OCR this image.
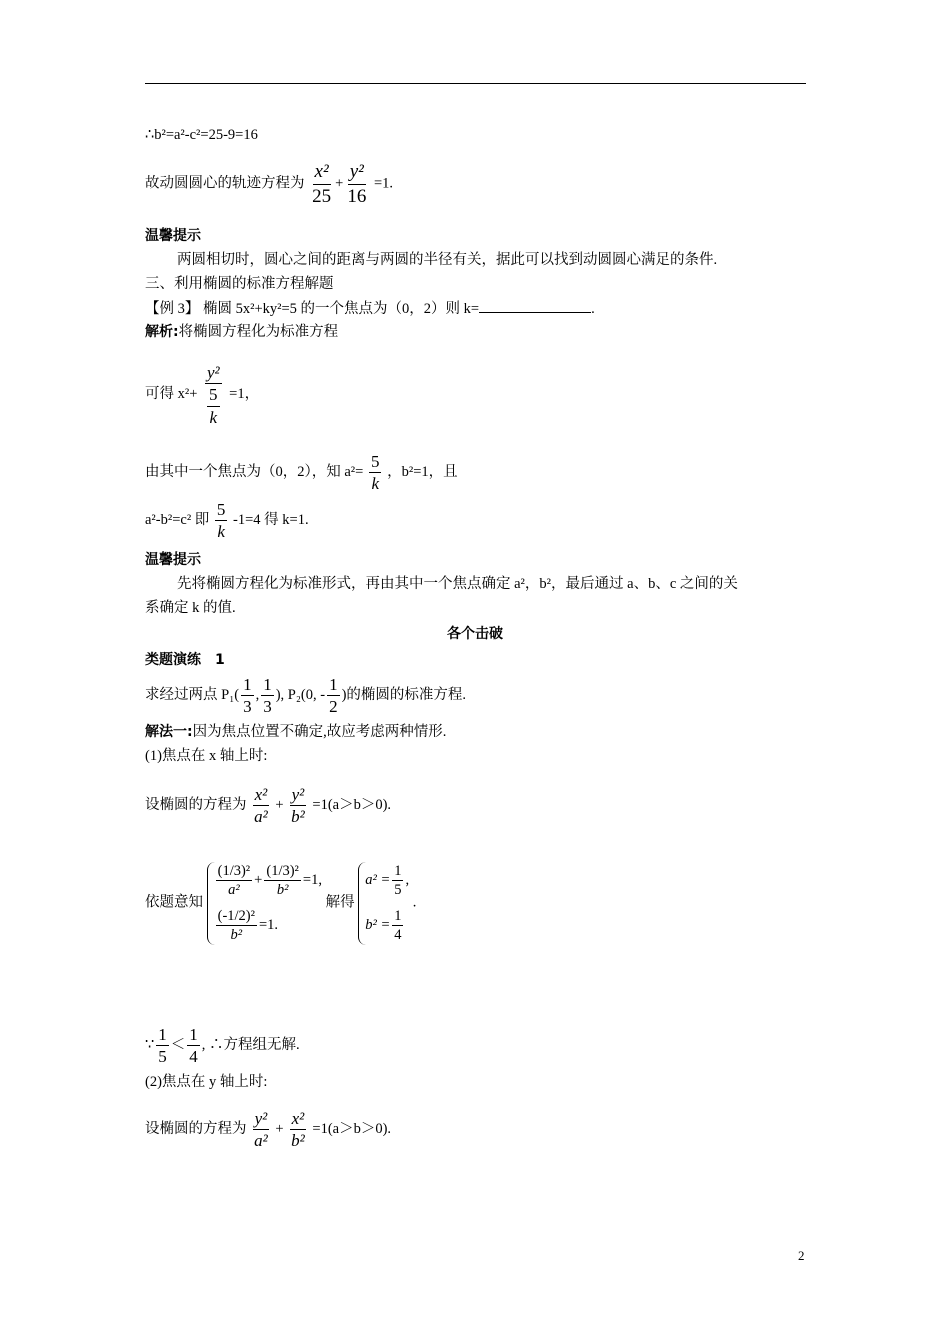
∴b²=a²-c²=25-9=16
故动圆圆心的轨迹方程为 $\frac{\text{x²}}{25} + \frac{\text{y²}}{16} =1$.
温馨提示
两圆相切时，圆心之间的距离与两圆的半径有关，据此可以找到动圆圆心满足的条件.
三、利用椭圆的标准方程解题
【例 3】 椭圆 5x²+ky²=5 的一个焦点为（0，2）则 k=	.
解析:将椭圆方程化为标准方程
可得 $x^2+ \frac{\text{y²}}{\frac{5}{k}} =1$，
由其中一个焦点为（0，2），知 $a^2= \frac{5}{k}$ ，b²=1，且
a²-b²=c² 即 $\frac{5}{k} -1=4$ 得 k=1.
温馨提示
先将椭圆方程化为标准形式，再由其中一个焦点确定 a²，b²，最后通过 a、b、c 之间的关
系确定 k 的值.
各个击破
类题演练　1
求经过两点 $P_1( \frac{1}{3}$ , $\frac{1}{3}$ ), P₂(0, - $\frac{1}{2}$ )的椭圆的标准方程.
解法一:因为焦点位置不确定,故应考虑两种情形.
(1)焦点在 x 轴上时:
设椭圆的方程为 $\frac{\text{x²}}{\text{a²}} + \frac{\text{y²}}{\text{b²}} =1(a>b>0)$.
依题意知
$\frac{\text{(1/3)²}}{\text{a²}} + \frac{\text{(1/3)²}}{\text{b²}} =1$,
$\frac{\text{(-1/2)²}}{\text{b²}} =1$.
解得
$a^2 = \frac{1}{5}$ ,
$b^2 = \frac{1}{4}$
.
∵ $\frac{1}{5} < \frac{1}{4}$ , ∴方程组无解.
(2)焦点在 y 轴上时:
设椭圆的方程为 $\frac{\text{y²}}{\text{a²}} + \frac{\text{x²}}{\text{b²}} =1(a>b>0)$.
2
